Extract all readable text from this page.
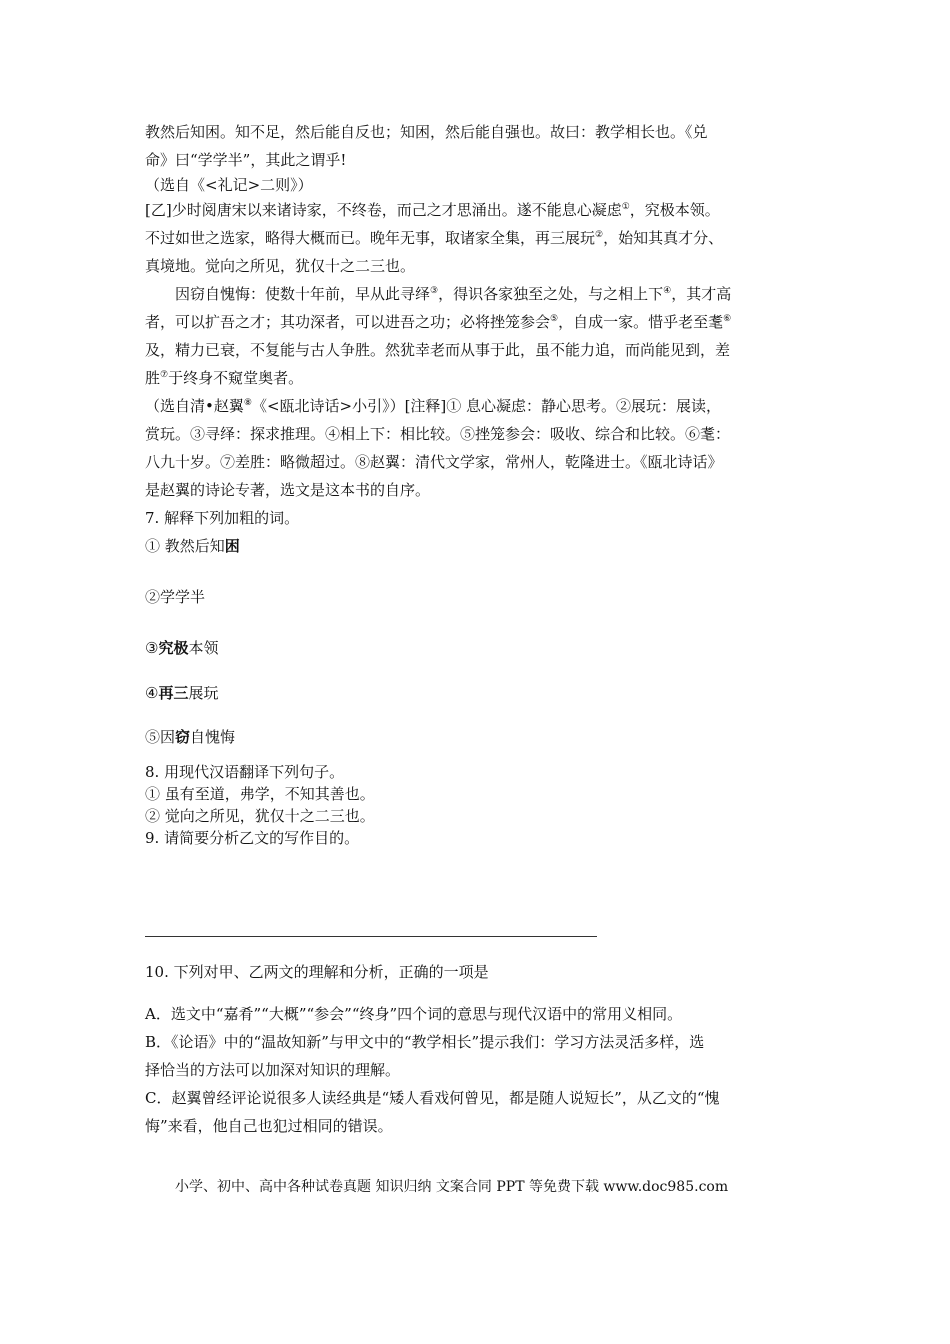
教然后知困。知不足，然后能自反也；知困，然后能自强也。故曰：教学相长也。《兑

命》曰“学学半”，其此之谓乎!

（选自《<礼记>二则》）

[乙]少时阅唐宋以来诸诗家，不终卷，而己之才思涌出。遂不能息心凝虑①，究极本领。
不过如世之选家，略得大概而已。晚年无事，取诸家全集，再三展玩②，始知其真才分、
真境地。觉向之所见，犹仅十之二三也。

因窃自愧悔：使数十年前，早从此寻绎③，得识各家独至之处，与之相上下④，其才高
者，可以扩吾之才；其功深者，可以进吾之功；必将挫笼参会⑤，自成一家。惜乎老至耄⑥
及，精力已衰，不复能与古人争胜。然犹幸老而从事于此，虽不能力追，而尚能见到，差
胜⑦于终身不窥堂奥者。

（选自清•赵翼⑧《<瓯北诗话>小引》）[注释]① 息心凝虑：静心思考。②展玩：展读，
赏玩。③寻绎：探求推理。④相上下：相比较。⑤挫笼参会：吸收、综合和比较。⑥耄：
八九十岁。⑦差胜：略微超过。⑧赵翼：清代文学家，常州人，乾隆进士。《瓯北诗话》
是赵翼的诗论专著，选文是这本书的自序。

7. 解释下列加粗的词。

① 教然后知困

②学学半

③究极本领

④再三展玩

⑤因窃自愧悔

8. 用现代汉语翻译下列句子。

① 虽有至道，弗学，不知其善也。

② 觉向之所见，犹仅十之二三也。

9. 请简要分析乙文的写作目的。

10. 下列对甲、乙两文的理解和分析，正确的一项是

A．选文中“嘉肴”“大概”“参会”“终身”四个词的意思与现代汉语中的常用义相同。

B．《论语》中的“温故知新”与甲文中的“教学相长”提示我们：学习方法灵活多样，选
择恰当的方法可以加深对知识的理解。

C．赵翼曾经评论说很多人读经典是“矮人看戏何曾见，都是随人说短长”，从乙文的“愧
悔”来看，他自己也犯过相同的错误。

小学、初中、高中各种试卷真题 知识归纳 文案合同 PPT 等免费下载 www.doc985.com
